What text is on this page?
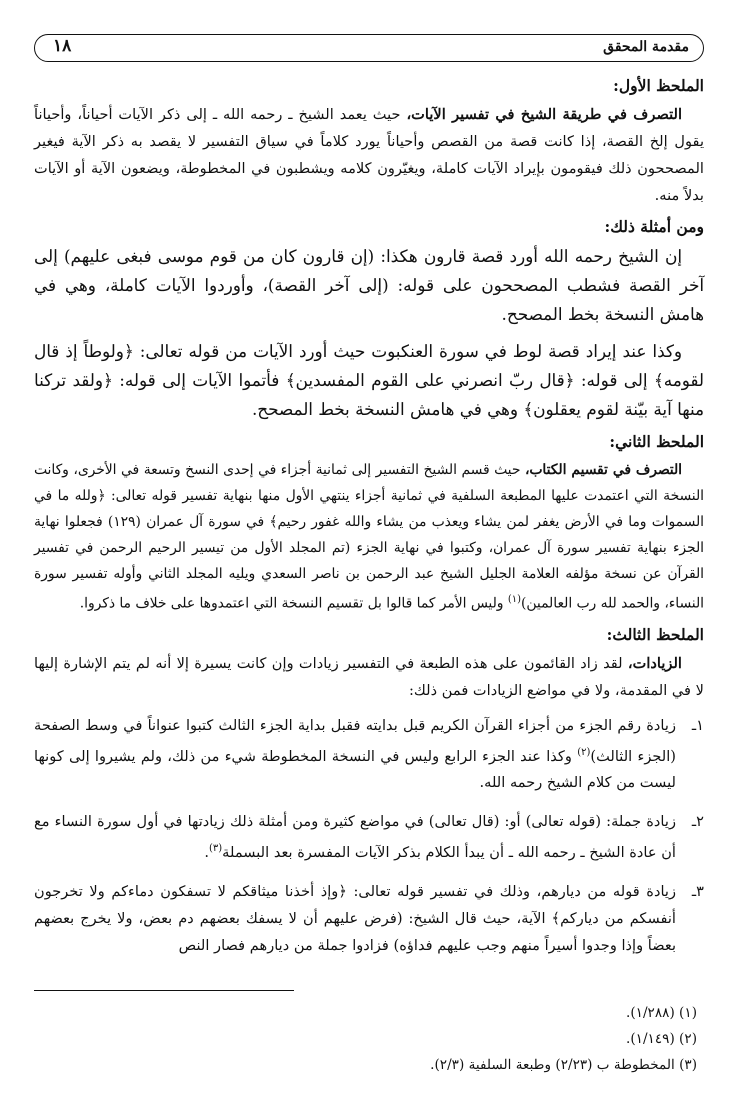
مقدمة المحقق
١٨
الملحظ الأول:

التصرف في طريقة الشيخ في تفسير الآيات، حيث يعمد الشيخ ـ رحمه الله ـ إلى ذكر الآيات أحياناً، وأحياناً يقول إلخ القصة، إذا كانت قصة من القصص وأحياناً يورد كلاماً في سياق التفسير لا يقصد به ذكر الآية فيغير المصححون ذلك فيقومون بإيراد الآيات كاملة، ويغيّرون كلامه ويشطبون في المخطوطة، ويضعون الآية أو الآيات بدلاً منه.

ومن أمثلة ذلك:

إن الشيخ رحمه الله أورد قصة قارون هكذا: (إن قارون كان من قوم موسى فبغى عليهم) إلى آخر القصة فشطب المصححون على قوله: (إلى آخر القصة)، وأوردوا الآيات كاملة، وهي في هامش النسخة بخط المصحح.

وكذا عند إيراد قصة لوط في سورة العنكبوت حيث أورد الآيات من قوله تعالى: ﴿ولوطاً إذ قال لقومه﴾ إلى قوله: ﴿قال ربّ انصرني على القوم المفسدين﴾ فأتموا الآيات إلى قوله: ﴿ولقد تركنا منها آية بيّنة لقوم يعقلون﴾ وهي في هامش النسخة بخط المصحح.

الملحظ الثاني:

التصرف في تقسيم الكتاب، حيث قسم الشيخ التفسير إلى ثمانية أجزاء في إحدى النسخ وتسعة في الأخرى، وكانت النسخة التي اعتمدت عليها المطبعة السلفية في ثمانية أجزاء ينتهي الأول منها بنهاية تفسير قوله تعالى: ﴿ولله ما في السموات وما في الأرض يغفر لمن يشاء ويعذب من يشاء والله غفور رحيم﴾ في سورة آل عمران (١٢٩) فجعلوا نهاية الجزء بنهاية تفسير سورة آل عمران، وكتبوا في نهاية الجزء (تم المجلد الأول من تيسير الرحيم الرحمن في تفسير القرآن عن نسخة مؤلفه العلامة الجليل الشيخ عبد الرحمن بن ناصر السعدي ويليه المجلد الثاني وأوله تفسير سورة النساء، والحمد لله رب العالمين)$^{(١)}$ وليس الأمر كما قالوا بل تقسيم النسخة التي اعتمدوها على خلاف ما ذكروا.

الملحظ الثالث:

الزيادات، لقد زاد القائمون على هذه الطبعة في التفسير زيادات وإن كانت يسيرة إلا أنه لم يتم الإشارة إليها لا في المقدمة، ولا في مواضع الزيادات فمن ذلك:

١ـ
زيادة رقم الجزء من أجزاء القرآن الكريم قبل بدايته فقبل بداية الجزء الثالث كتبوا عنواناً في وسط الصفحة (الجزء الثالث)$^{(٢)}$ وكذا عند الجزء الرابع وليس في النسخة المخطوطة شيء من ذلك، ولم يشيروا إلى كونها ليست من كلام الشيخ رحمه الله.
٢ـ
زيادة جملة: (قوله تعالى) أو: (قال تعالى) في مواضع كثيرة ومن أمثلة ذلك زيادتها في أول سورة النساء مع أن عادة الشيخ ـ رحمه الله ـ أن يبدأ الكلام بذكر الآيات المفسرة بعد البسملة$^{(٣)}$.
٣ـ
زيادة قوله من ديارهم، وذلك في تفسير قوله تعالى: ﴿وإذ أخذنا ميثاقكم لا تسفكون دماءكم ولا تخرجون أنفسكم من دياركم﴾ الآية، حيث قال الشيخ: (فرض عليهم أن لا يسفك بعضهم دم بعض، ولا يخرج بعضهم بعضاً وإذا وجدوا أسيراً منهم وجب عليهم فداؤه) فزادوا جملة من ديارهم فصار النص
(١) (١/٢٨٨).
(٢) (١/١٤٩).
(٣) المخطوطة ب (٢/٢٣) وطبعة السلفية (٢/٣).
